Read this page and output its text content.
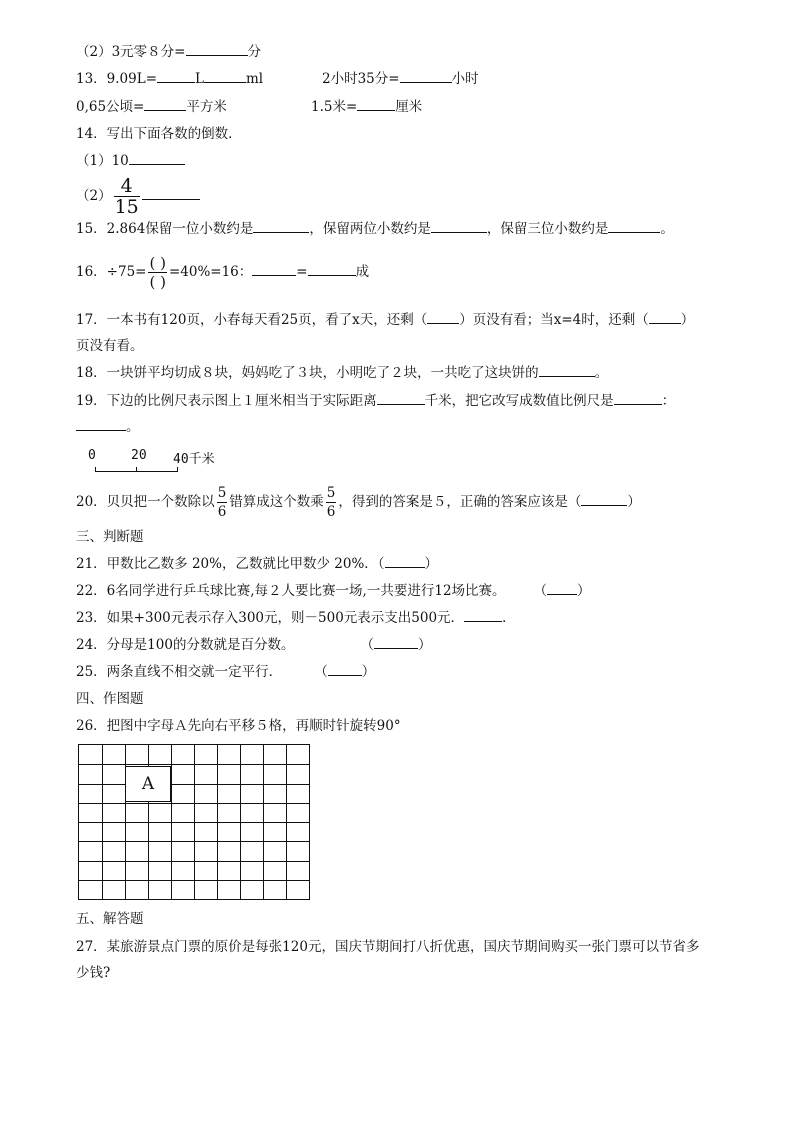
（2）3元零８分=	分
13．9.09L=	L	ml	2小时35分=	小时
0,65公顷=	平方米	1.5米=	厘米
14．写出下面各数的倒数．
（1）10
$(2) \frac{4}{15}$
15．2.864保留一位小数约是	，保留两位小数约是	，保留三位小数约是	。
16．$\div 75= \frac{( )}{( )} =40\%=16$：	=	成
17．一本书有120页，小春每天看25页，看了x天，还剩（ ）页没有看；当x=4时，还剩（ ）
页没有看。
18．一块饼平均切成８块，妈妈吃了３块，小明吃了２块，一共吃了这块饼的	。
19．下边的比例尺表示图上１厘米相当于实际距离	千米，把它改写成数值比例尺是	：
。
0	20 40千米
20．贝贝把一个数除以 $\frac{5}{6}$ 错算成这个数乘 $\frac{5}{6}$ ，得到的答案是５，正确的答案应该是（	）
三、判断题
21．甲数比乙数多 20%，乙数就比甲数少 20%．（	）
22．6名同学进行乒乓球比赛,每２人要比赛一场,一共要进行12场比赛。 （ ）
23．如果+300元表示存入300元，则－500元表示支出500元．	．
24．分母是100的分数就是百分数。	（	）
25．两条直线不相交就一定平行． （	）
四、作图题
26．把图中字母Ａ先向右平移５格，再顺时针旋转90°
A
五、解答题
27．某旅游景点门票的原价是每张120元，国庆节期间打八折优惠，国庆节期间购买一张门票可以节省多
少钱?
